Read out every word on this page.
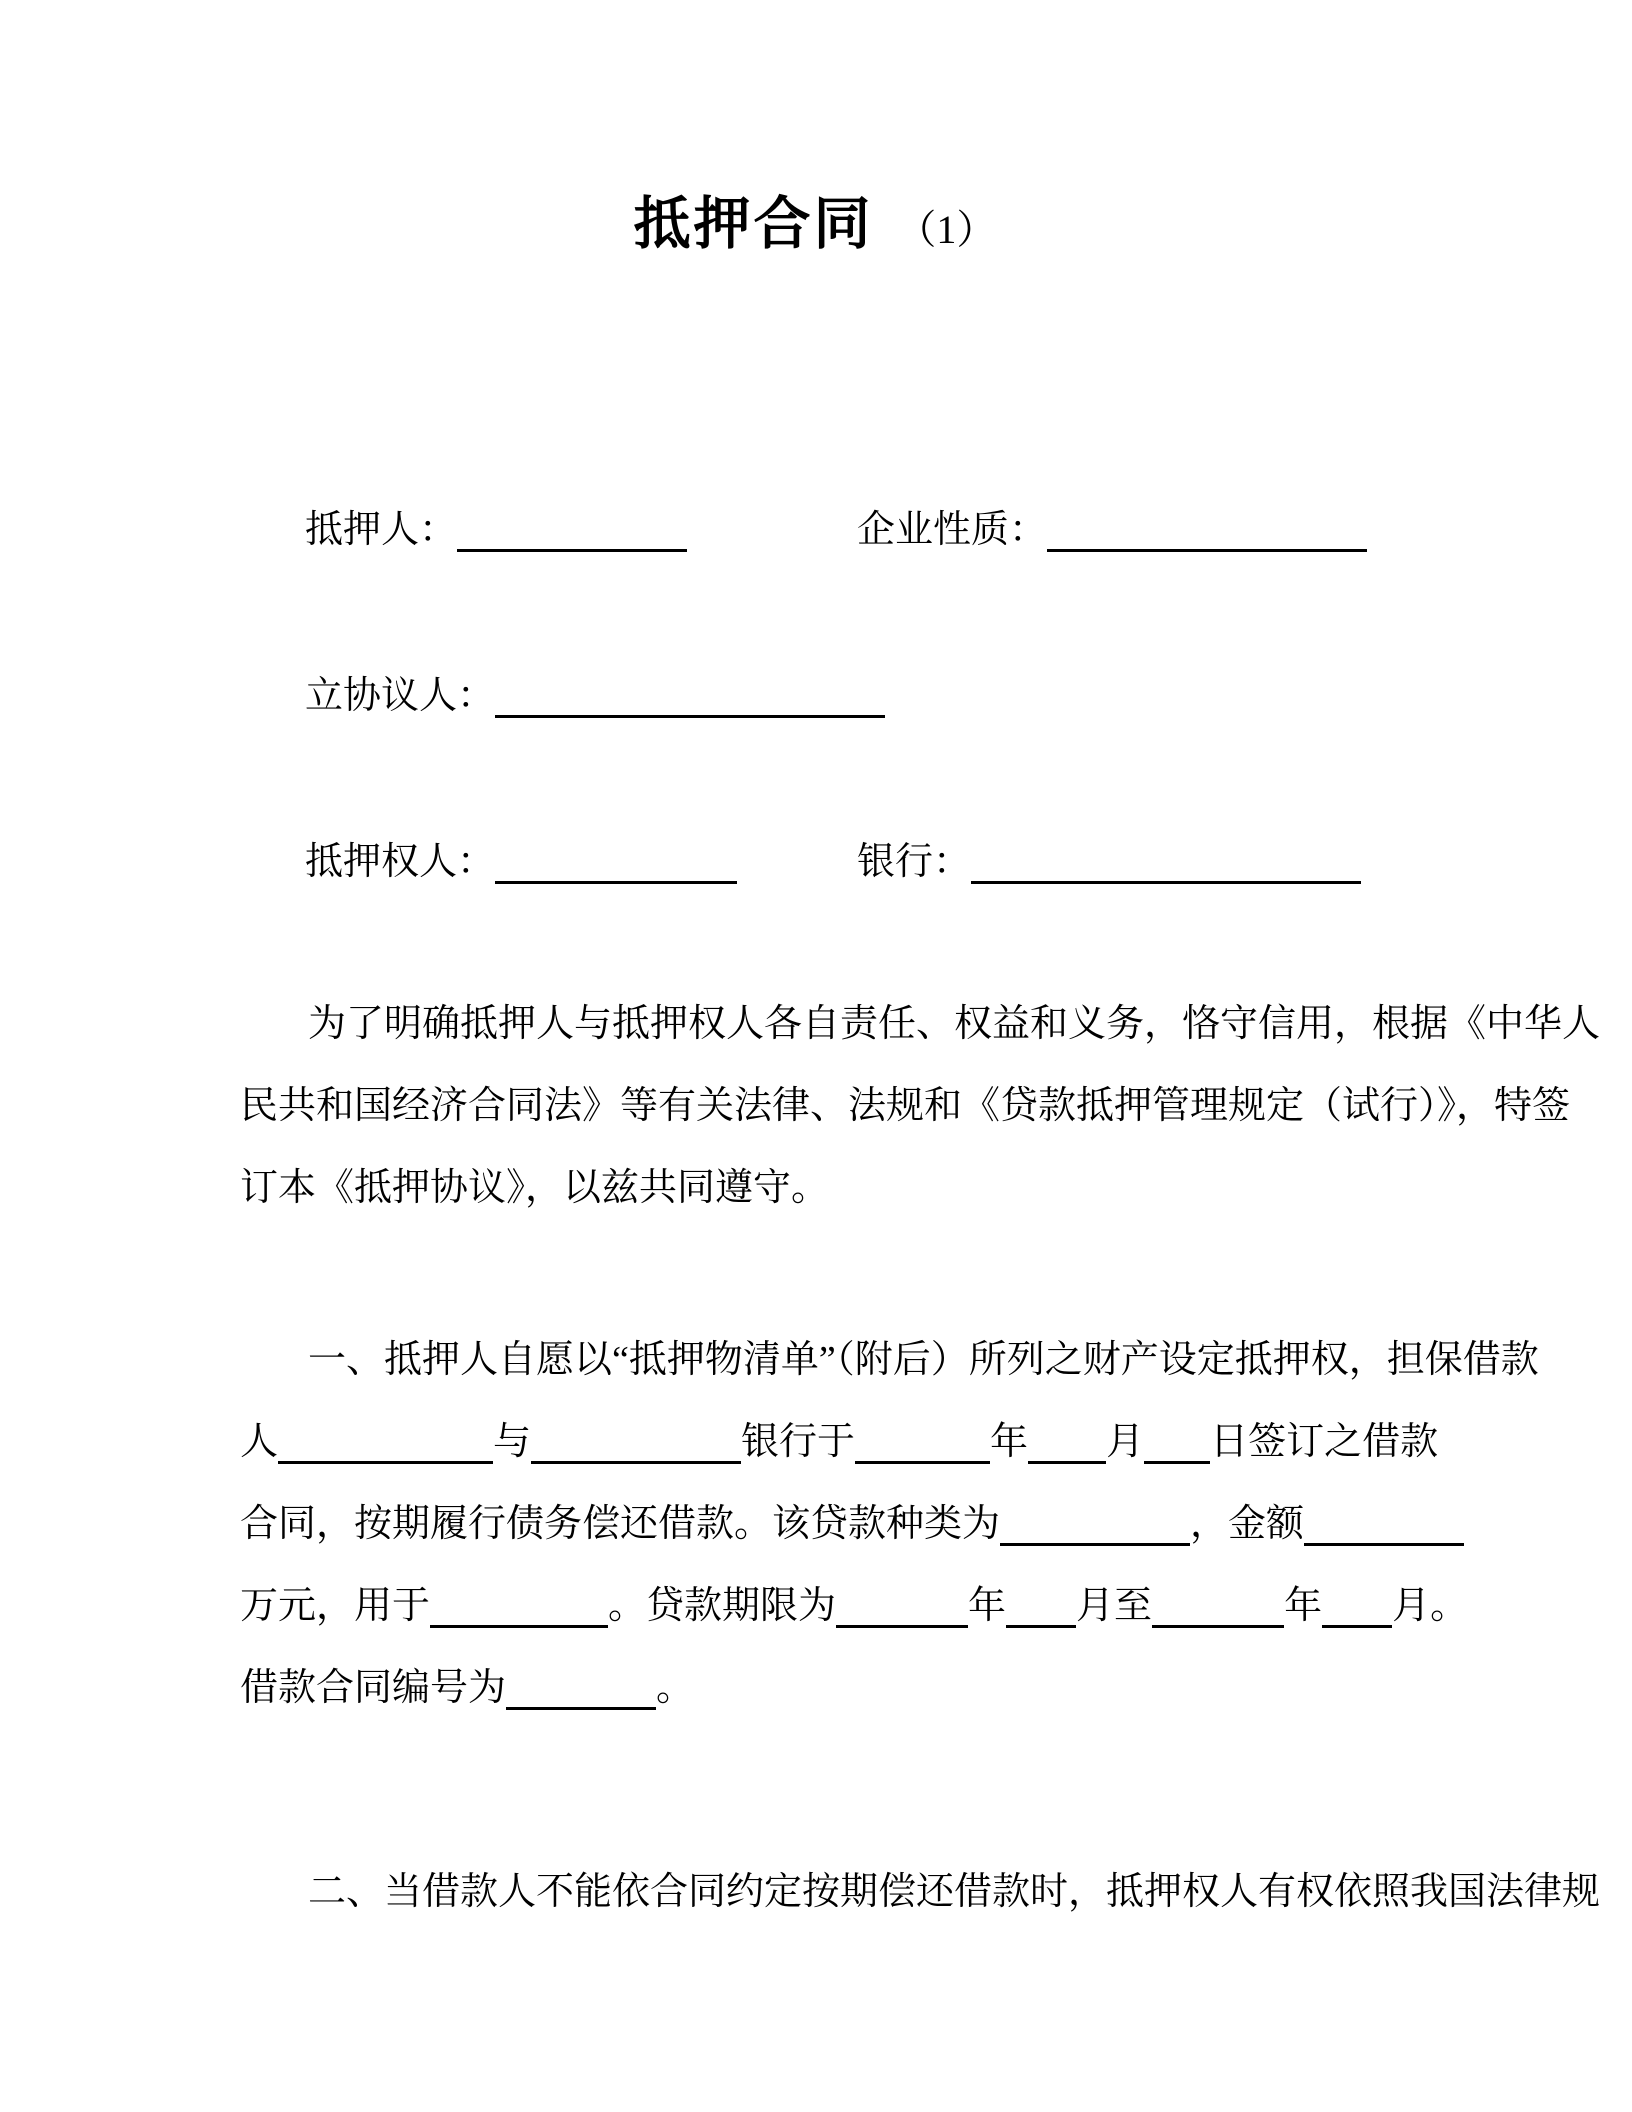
抵押合同 （1）
抵押人：	企业性质：
立协议人：
抵押权人：	银行：
为了明确抵押人与抵押权人各自责任、权益和义务，恪守信用，根据《中华人
民共和国经济合同法》等有关法律、法规和《贷款抵押管理规定（试行）》，特签
订本《抵押协议》，以兹共同遵守。
一、抵押人自愿以“抵押物清单”（附后）所列之财产设定抵押权，担保借款
人	与	银行于	年 月 日签订之借款
合同，按期履行债务偿还借款。该贷款种类为	，金额
万元，用于	。贷款期限为	年 月至	年 月。
借款合同编号为	。
二、当借款人不能依合同约定按期偿还借款时，抵押权人有权依照我国法律规
